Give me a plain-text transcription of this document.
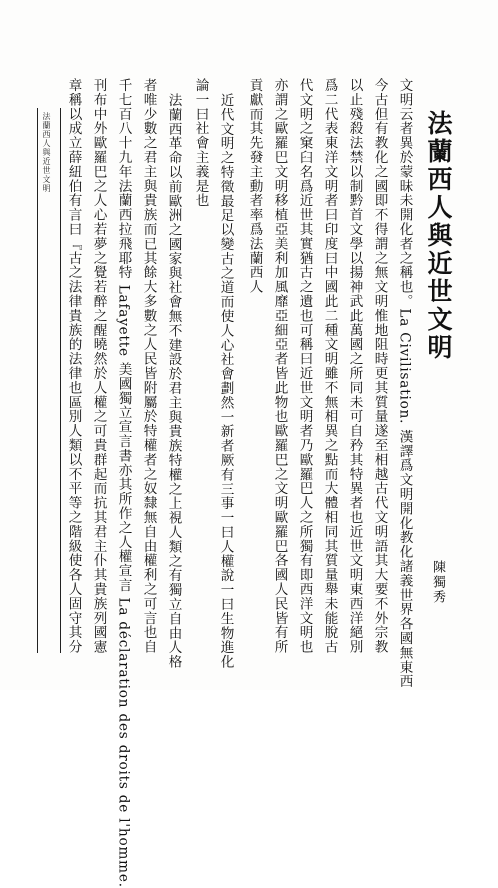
法蘭西人與近世文明	法蘭西人與近世文明
陳獨秀
文明云者異於蒙昧未開化者之稱也。La Civilisation. 漢譯爲文明開化教化諸義世界各國無東西
今古但有教化之國即不得謂之無文明惟地阻時更其質量遂至相越古代文明語其大要不外宗教
以止殘殺法禁以制黔首文學以揚神武此萬國之所同未可自矜其特異者也近世文明東西洋絕別
爲二代表東洋文明者曰印度曰中國此二種文明雖不無相異之點而大體相同其質量舉未能脫古
代文明之窠臼名爲近世其實猶古之遺也可稱曰近世文明者乃歐羅巴人之所獨有即西洋文明也
亦謂之歐羅巴文明移植亞美利加風靡亞細亞者皆此物也歐羅巴之文明歐羅巴各國人民皆有所
貢獻而其先發主動者率爲法蘭西人
近代文明之特徵最足以變古之道而使人心社會劃然一新者厥有三事一曰人權說一曰生物進化
論一曰社會主義是也
法蘭西革命以前歐洲之國家與社會無不建設於君主與貴族特權之上視人類之有獨立自由人格
者唯少數之君主與貴族而已其餘大多數之人民皆附屬於特權者之奴隸無自由權利之可言也自
千七百八十九年法蘭西拉飛耶特 Lafayette 美國獨立宣言書亦其所作之人權宣言 La déclaration des droits de l'homme.
刊布中外歐羅巴之人心若夢之覺若醉之醒曉然於人權之可貴群起而抗其君主仆其貴族列國憲
章稱以成立薛紐伯有言曰『古之法律貴族的法律也區別人類以不平等之階級使各人固守其分
